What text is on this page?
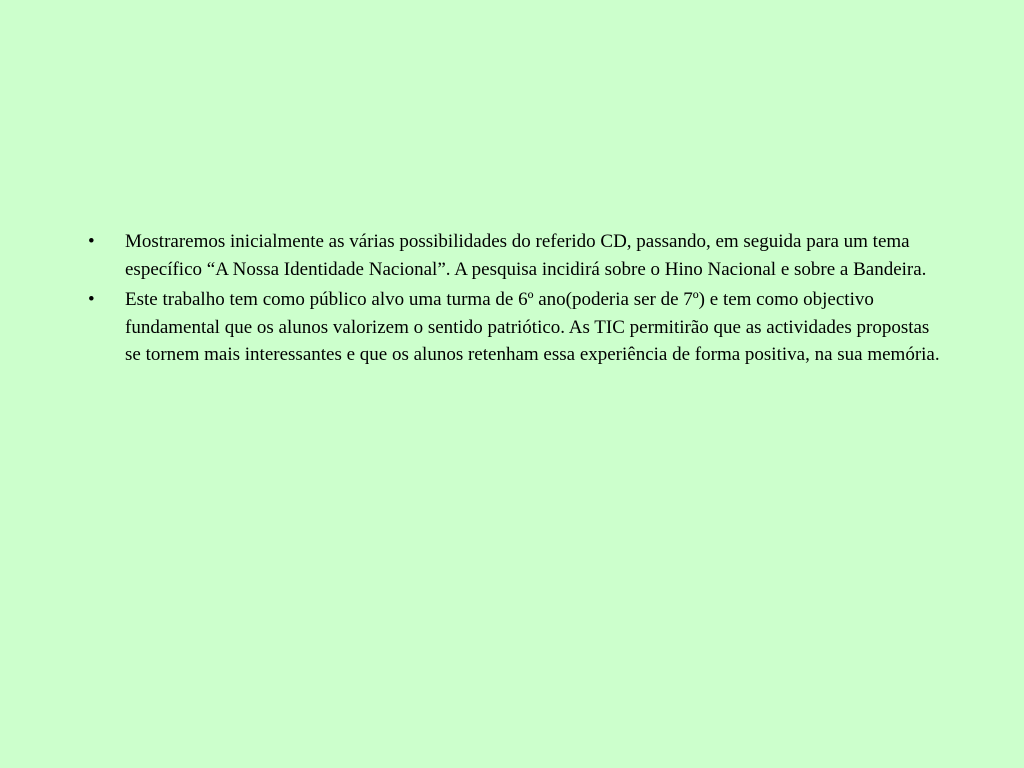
• Mostraremos inicialmente as várias possibilidades do referido CD, passando, em seguida para um tema específico “A Nossa Identidade Nacional”. A pesquisa incidirá sobre o Hino Nacional e sobre a Bandeira.
• Este trabalho tem como público alvo uma turma de 6º ano(poderia ser de 7º) e tem como objectivo fundamental que os alunos valorizem o sentido patriótico. As TIC permitirão que as actividades propostas se tornem mais interessantes e que os alunos retenham essa experiência de forma positiva, na sua memória.
